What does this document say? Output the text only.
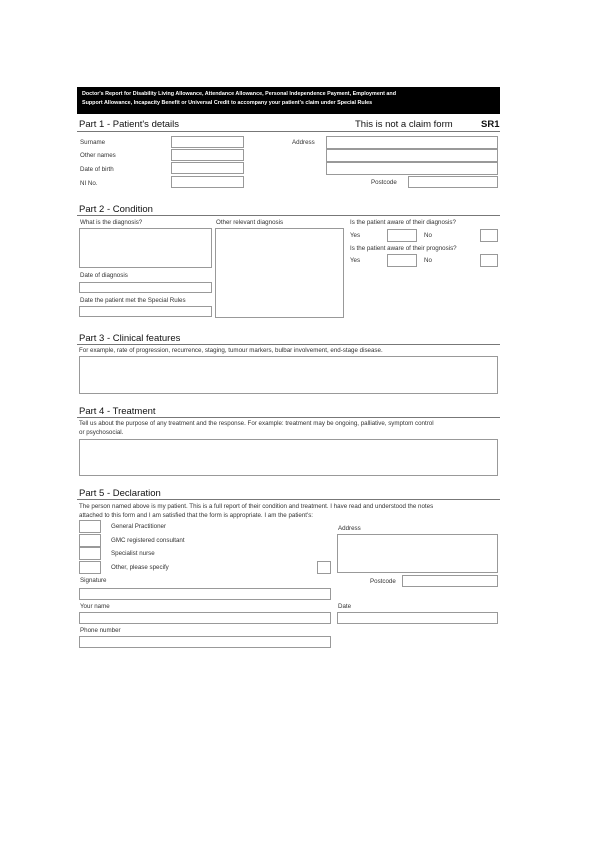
Doctor's Report for Disability Living Allowance, Attendance Allowance, Personal Independence Payment, Employment and
Support Allowance, Incapacity Benefit or Universal Credit to accompany your patient's claim under Special Rules
Part 1 - Patient's details	This is not a claim form	SR1
Surname
Other names
Date of birth
NI No.
Address
Postcode
Part 2 - Condition
What is the diagnosis?	Other relevant diagnosis	Is the patient aware of their diagnosis?
Yes	No
Is the patient aware of their prognosis?
Yes	No
Date of diagnosis
Date the patient met the Special Rules
Part 3 - Clinical features
For example, rate of progression, recurrence, staging, tumour markers, bulbar involvement, end-stage disease.
Part 4 - Treatment
Tell us about the purpose of any treatment and the response. For example: treatment may be ongoing, palliative, symptom control
or psychosocial.
Part 5 - Declaration
The person named above is my patient. This is a full report of their condition and treatment. I have read and understood the notes
attached to this form and I am satisfied that the form is appropriate. I am the patient's:
General Practitioner
GMC registered consultant
Specialist nurse
Other, please specify
Address
Signature	Postcode
Your name	Date
Phone number
